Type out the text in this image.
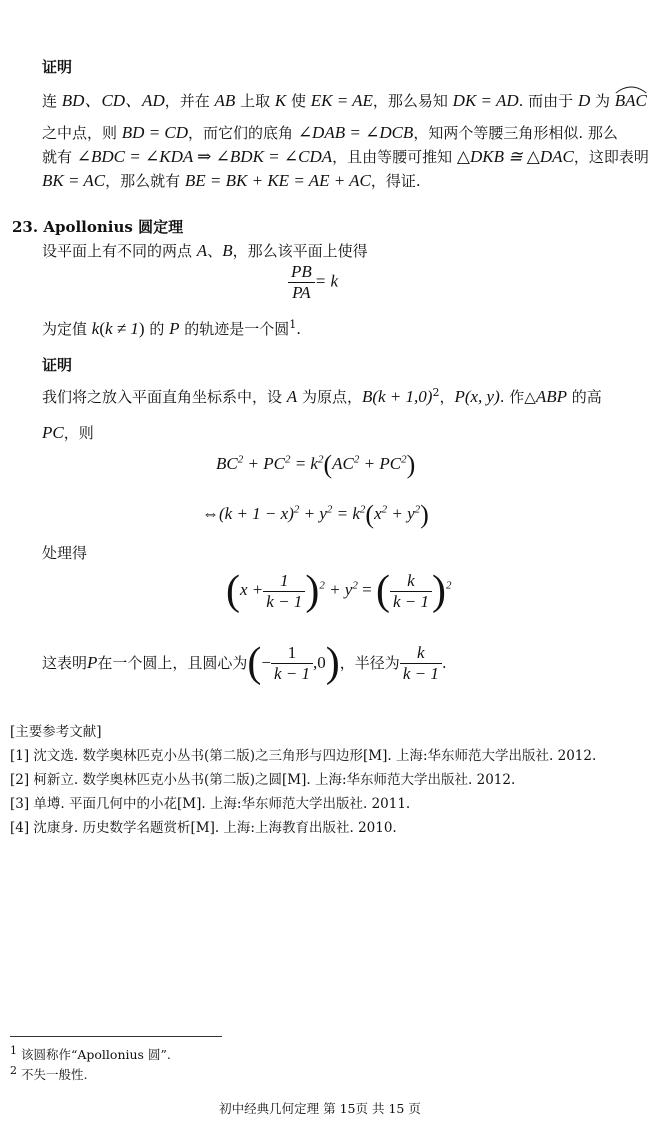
证明
连 BD、CD、AD，并在 AB 上取 K 使 EK = AE，那么易知 DK = AD. 而由于 D 为
BAC
之中点，则 BD = CD，而它们的底角 ∠DAB = ∠DCB，知两个等腰三角形相似. 那么
就有 ∠BDC = ∠KDA ⇒ ∠BDK = ∠CDA，且由等腰可推知 △DKB ≅ △DAC，这即表明
BK = AC，那么就有 BE = BK + KE = AE + AC，得证.
23. Apollonius 圆定理
设平面上有不同的两点 A、B，那么该平面上使得
$\frac{PB}{PA} = k$
为定值 k(k ≠ 1) 的 P 的轨迹是一个圆$^1$.
证明
我们将之放入平面直角坐标系中，设 A 为原点，$B(k + 1,0)^2$，P(x, y). 作△ABP 的高
PC，则
$BC^2 + PC^2 = k^2(AC^2 + PC^2)$
⇔(k + $1 - x)^2 + y^2 = k^2(x^2 + y^2)$
处理得
$(x + \frac{1}{k - 1} )^2 + y^2$ = ( $\frac{k}{k - 1} )^2$
这表明 P 在一个圆上，且圆心为 ( − $\frac{1}{k - 1} ,0$ ) ，半径为 $\frac{k}{k - 1}$ .
[主要参考文献]
[1] 沈文选. 数学奥林匹克小丛书(第二版)之三角形与四边形[M]. 上海:华东师范大学出版社. 2012.
[2] 柯新立. 数学奥林匹克小丛书(第二版)之圆[M]. 上海:华东师范大学出版社. 2012.
[3] 单墫. 平面几何中的小花[M]. 上海:华东师范大学出版社. 2011.
[4] 沈康身. 历史数学名题赏析[M]. 上海:上海教育出版社. 2010.
$^1$ 该圆称作“Apollonius 圆”.
$^2$ 不失一般性.
初中经典几何定理 第 15页 共 15 页
